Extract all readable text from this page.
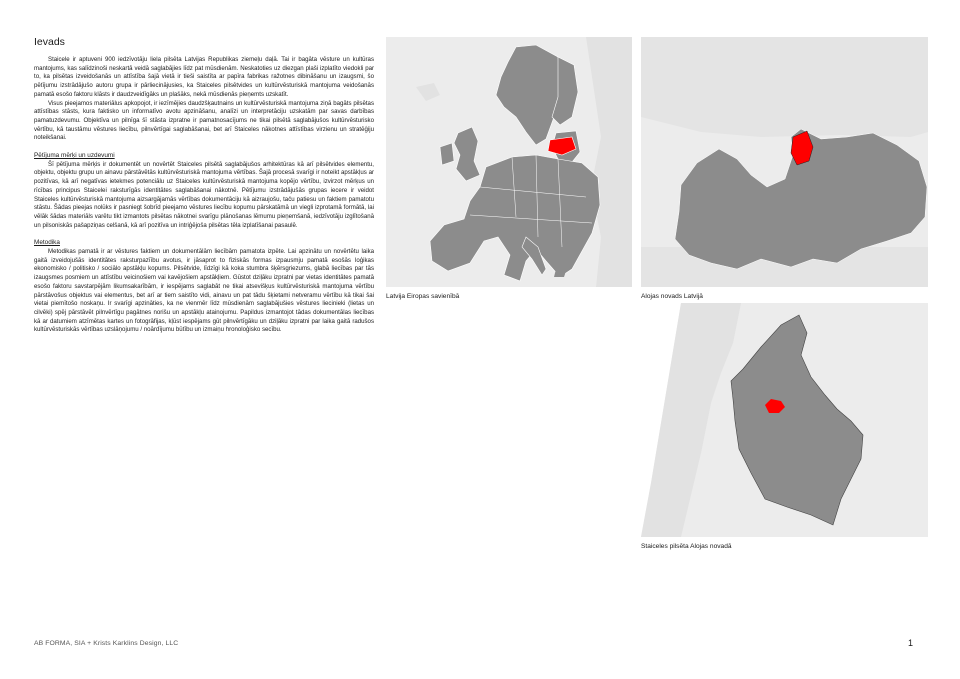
Ievads

Staicele ir aptuveni 900 iedzīvotāju liela pilsēta Latvijas Republikas ziemeļu daļā. Tai ir bagāta vēsture un kultūras mantojums, kas salīdzinoši neskartā veidā saglabājies līdz pat mūsdienām. Neskatoties uz diezgan plaši izplatīto viedokli par to, ka pilsētas izveidošanās un attīstība šajā vietā ir tieši saistīta ar papīra fabrikas ražotnes dibināšanu un izaugsmi, šo pētījumu izstrādājušo autoru grupa ir pārliecinājusies, ka Staiceles pilsētvides un kultūrvēsturiskā mantojuma veidošanās pamatā esošo faktoru klāsts ir daudzveidīgāks un plašāks, nekā mūsdienās pieņemts uzskatīt.

Visus pieejamos materiālus apkopojot, ir iezīmējies daudzšķautnains un kultūrvēsturiskā mantojuma ziņā bagāts pilsētas attīstības stāsts, kura faktisko un informatīvo avotu apzināšanu, analīzi un interpretāciju uzskatām par savas darbības pamatuzdevumu. Objektīva un pilnīga šī stāsta izpratne ir pamatnosacījums ne tikai pilsētā saglabājušos kultūrvēsturisko vērtību, kā taustāmu vēstures liecību, pilnvērtīgai saglabāšanai, bet arī Staiceles nākotnes attīstības virzienu un stratēģiju noteikšanai.

Pētījuma mērķi un uzdevumi

Šī pētījuma mērķis ir dokumentēt un novērtēt Staiceles pilsētā saglabājušos arhitektūras kā arī pilsētvides elementu, objektu, objektu grupu un ainavu pārstāvētās kultūrvēsturiskā mantojuma vērtības. Šajā procesā svarīgi ir noteikt apstākļus ar pozitīvas, kā arī negatīvas ietekmes potenciālu uz Staiceles kultūrvēsturiskā mantojuma kopējo vērtību, izvirzot mērķus un rīcības principus Staicelei raksturīgās identitātes saglabāšanai nākotnē. Pētījumu izstrādājušās grupas iecere ir veidot Staiceles kultūrvēsturiskā mantojuma aizsargājamās vērtības dokumentāciju kā aizraujošu, taču patiesu un faktiem pamatotu stāstu. Šādas pieejas nolūks ir pasniegt šobrīd pieejamo vēstures liecību kopumu pārskatāmā un viegli izprotamā formātā, lai vēlāk šādas materiāls varētu tikt izmantots pilsētas nākotnei svarīgu plānošanas lēmumu pieņemšanā, iedzīvotāju izglītošanā un pilsoniskās pašapziņas celšanā, kā arī pozitīva un intriģējoša pilsētas tēla izplatīšanai pasaulē.

Metodika

Metodikas pamatā ir ar vēstures faktiem un dokumentālām liecībām pamatota izpēte. Lai apzinātu un novērtētu laika gaitā izveidojušās identitātes raksturpazīību avotus, ir jāsaprot to fiziskās formas izpausmju pamatā esošās loģikas ekonomisko / politisko / sociālo apstākļu kopums. Pilsētvide, līdzīgi kā koka stumbra šķērsgriezums, glabā liecības par tās izaugsmes posmiem un attīstību veicinošiem vai kavējošiem apstākļiem. Gūstot dziļāku izpratni par vietas identitātes pamatā esošo faktoru savstarpējām likumsakarībām, ir iespējams saglabāt ne tikai atsevišķus kultūrvēsturiskā mantojuma vērtību pārstāvošus objektus vai elementus, bet arī ar tiem saistīto vidi, ainavu un pat tādu šķietami netveramu vērtību kā tikai šai vietai piemītošo noskaņu. Ir svarīgi apzināties, ka ne vienmēr līdz mūsdienām saglabājušies vēstures liecinieki (lietas un cilvēki) spēj pārstāvēt pilnvērtīgu pagātnes norišu un apstākļu atainojumu. Papildus izmantojot tādas dokumentālas liecības kā ar datumiem atzīmētas kartes un fotogrāfijas, kļūst iespējams gūt pilnvērtīgāku un dziļāku izpratni par laika gaitā radušos kultūrvēsturiskās vērtības uzslāņojumu / noārdījumu būtību un izmaiņu hronoloģisko secību.

Latvija Eiropas savienībā	Alojas novads Latvijā
Staiceles pilsēta Alojas novadā
AB FORMA, SIA + Krists Karklins Design, LLC	1
